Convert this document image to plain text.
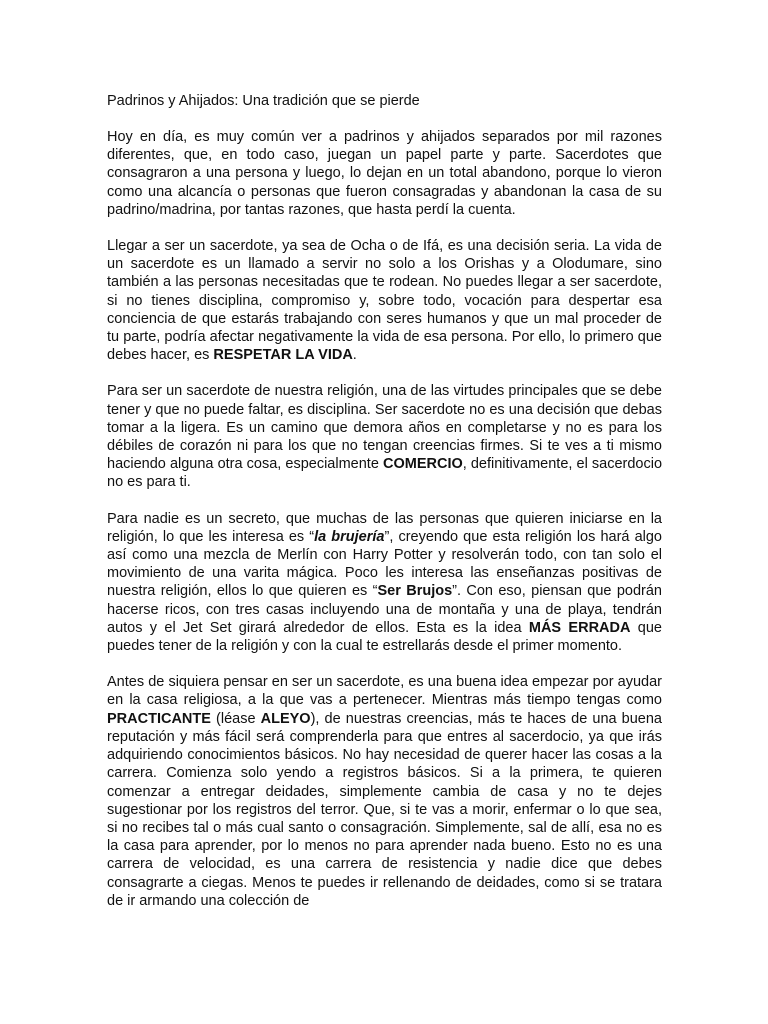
Padrinos y Ahijados: Una tradición que se pierde

Hoy en día, es muy común ver a padrinos y ahijados separados por mil razones diferentes, que, en todo caso, juegan un papel parte y parte. Sacerdotes que consagraron a una persona y luego, lo dejan en un total abandono, porque lo vieron como una alcancía o personas que fueron consagradas y abandonan la casa de su padrino/madrina, por tantas razones, que hasta perdí la cuenta.

Llegar a ser un sacerdote, ya sea de Ocha o de Ifá, es una decisión seria. La vida de un sacerdote es un llamado a servir no solo a los Orishas y a Olodumare, sino también a las personas necesitadas que te rodean. No puedes llegar a ser sacerdote, si no tienes disciplina, compromiso y, sobre todo, vocación para despertar esa conciencia de que estarás trabajando con seres humanos y que un mal proceder de tu parte, podría afectar negativamente la vida de esa persona. Por ello, lo primero que debes hacer, es RESPETAR LA VIDA.

Para ser un sacerdote de nuestra religión, una de las virtudes principales que se debe tener y que no puede faltar, es disciplina. Ser sacerdote no es una decisión que debas tomar a la ligera. Es un camino que demora años en completarse y no es para los débiles de corazón ni para los que no tengan creencias firmes. Si te ves a ti mismo haciendo alguna otra cosa, especialmente COMERCIO, definitivamente, el sacerdocio no es para ti.

Para nadie es un secreto, que muchas de las personas que quieren iniciarse en la religión, lo que les interesa es “la brujería”, creyendo que esta religión los hará algo así como una mezcla de Merlín con Harry Potter y resolverán todo, con tan solo el movimiento de una varita mágica. Poco les interesa las enseñanzas positivas de nuestra religión, ellos lo que quieren es “Ser Brujos”. Con eso, piensan que podrán hacerse ricos, con tres casas incluyendo una de montaña y una de playa, tendrán autos y el Jet Set girará alrededor de ellos. Esta es la idea MÁS ERRADA que puedes tener de la religión y con la cual te estrellarás desde el primer momento.

Antes de siquiera pensar en ser un sacerdote, es una buena idea empezar por ayudar en la casa religiosa, a la que vas a pertenecer. Mientras más tiempo tengas como PRACTICANTE (léase ALEYO), de nuestras creencias, más te haces de una buena reputación y más fácil será comprenderla para que entres al sacerdocio, ya que irás adquiriendo conocimientos básicos. No hay necesidad de querer hacer las cosas a la carrera. Comienza solo yendo a registros básicos. Si a la primera, te quieren comenzar a entregar deidades, simplemente cambia de casa y no te dejes sugestionar por los registros del terror. Que, si te vas a morir, enfermar o lo que sea, si no recibes tal o más cual santo o consagración. Simplemente, sal de allí, esa no es la casa para aprender, por lo menos no para aprender nada bueno. Esto no es una carrera de velocidad, es una carrera de resistencia y nadie dice que debes consagrarte a ciegas. Menos te puedes ir rellenando de deidades, como si se tratara de ir armando una colección de
